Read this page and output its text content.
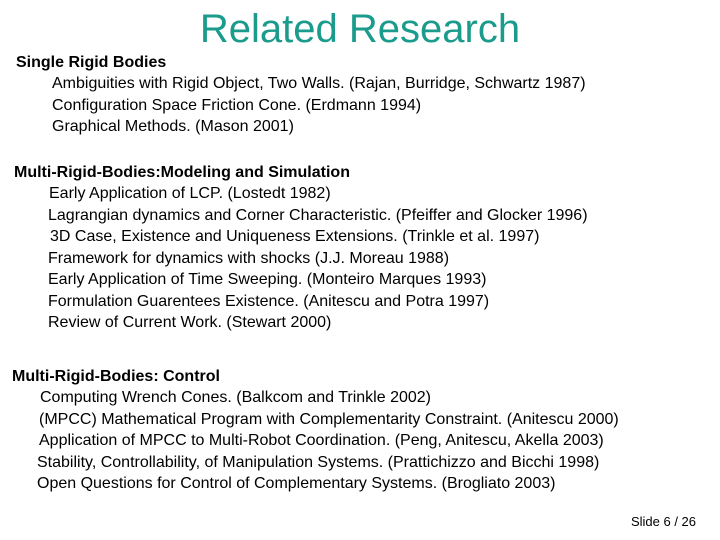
Related Research
Single Rigid Bodies
Ambiguities with Rigid Object, Two Walls. (Rajan, Burridge, Schwartz 1987)
Configuration Space Friction Cone. (Erdmann 1994)
Graphical Methods. (Mason 2001)
Multi-Rigid-Bodies:Modeling and Simulation
Early Application of LCP. (Lostedt 1982)
Lagrangian dynamics and Corner Characteristic. (Pfeiffer and Glocker 1996)
3D Case, Existence and Uniqueness Extensions. (Trinkle et al. 1997)
Framework for dynamics with shocks (J.J. Moreau 1988)
Early Application of Time Sweeping. (Monteiro Marques 1993)
Formulation Guarentees Existence. (Anitescu and Potra 1997)
Review of Current Work. (Stewart 2000)
Multi-Rigid-Bodies: Control
Computing Wrench Cones. (Balkcom and Trinkle 2002)
(MPCC) Mathematical Program with Complementarity Constraint. (Anitescu 2000)
Application of MPCC to Multi-Robot Coordination. (Peng, Anitescu, Akella 2003)
Stability, Controllability, of Manipulation Systems. (Prattichizzo and Bicchi 1998)
Open Questions for Control of Complementary Systems. (Brogliato 2003)
Slide 6 / 26
